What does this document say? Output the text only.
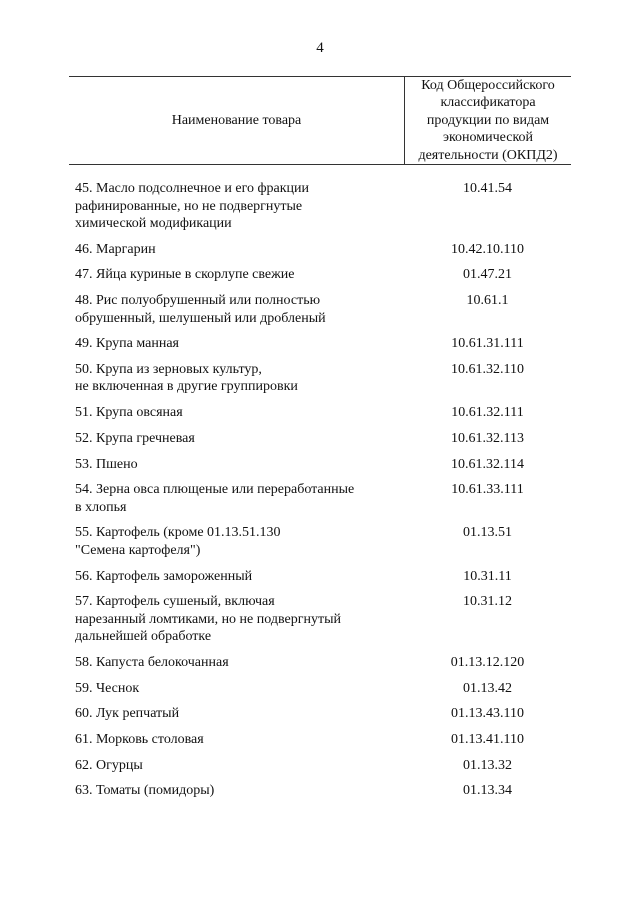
4
Наименование товара
Код Общероссийского классификатора продукции по видам экономической деятельности (ОКПД2)
45. Масло подсолнечное и его фракции
рафинированные, но не подвергнутые
химической модификации
10.41.54
46. Маргарин	10.42.10.110
47. Яйца куриные в скорлупе свежие	01.47.21
48. Рис полуобрушенный или полностью
обрушенный, шелушеный или дробленый
10.61.1
49. Крупа манная	10.61.31.111
50. Крупа из зерновых культур,
не включенная в другие группировки
10.61.32.110
51. Крупа овсяная	10.61.32.111
52. Крупа гречневая	10.61.32.113
53. Пшено	10.61.32.114
54. Зерна овса плющеные или переработанные
в хлопья
10.61.33.111
55. Картофель (кроме 01.13.51.130
"Семена картофеля")
01.13.51
56. Картофель замороженный	10.31.11
57. Картофель сушеный, включая
нарезанный ломтиками, но не подвергнутый
дальнейшей обработке
10.31.12
58. Капуста белокочанная	01.13.12.120
59. Чеснок	01.13.42
60. Лук репчатый	01.13.43.110
61. Морковь столовая	01.13.41.110
62. Огурцы	01.13.32
63. Томаты (помидоры)	01.13.34
